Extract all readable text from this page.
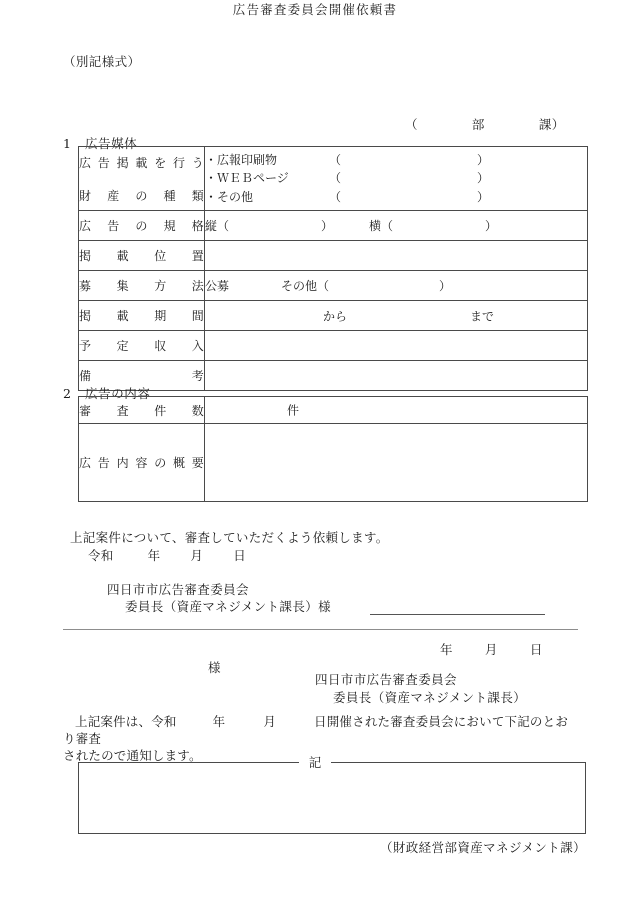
（別記様式）
広告審査委員会開催依頼書
（	部	課）
1 広告媒体
広告掲載を行う
財産の種類	・広報印刷物 （ ）
・ＷＥＢページ （ ）
・その他 （ ）

広告の規格	縦（ ） 横（ ）

掲載位置	

募集方法	公募 その他（ ）

掲載期間	から まで

予定収入	

備考	

2 広告の内容
審査件数	件

広告内容の概要	

上記案件について、審査していただくよう依頼します。
令和	年 月 日
四日市市広告審査委員会
委員長（資産マネジメント課長）様
年	月	日
様
四日市市広告審査委員会
委員長（資産マネジメント課長）
上記案件は、令和	年	月	日開催された審査委員会において下記のとおり審査
されたので通知します。	記
（財政経営部資産マネジメント課）
